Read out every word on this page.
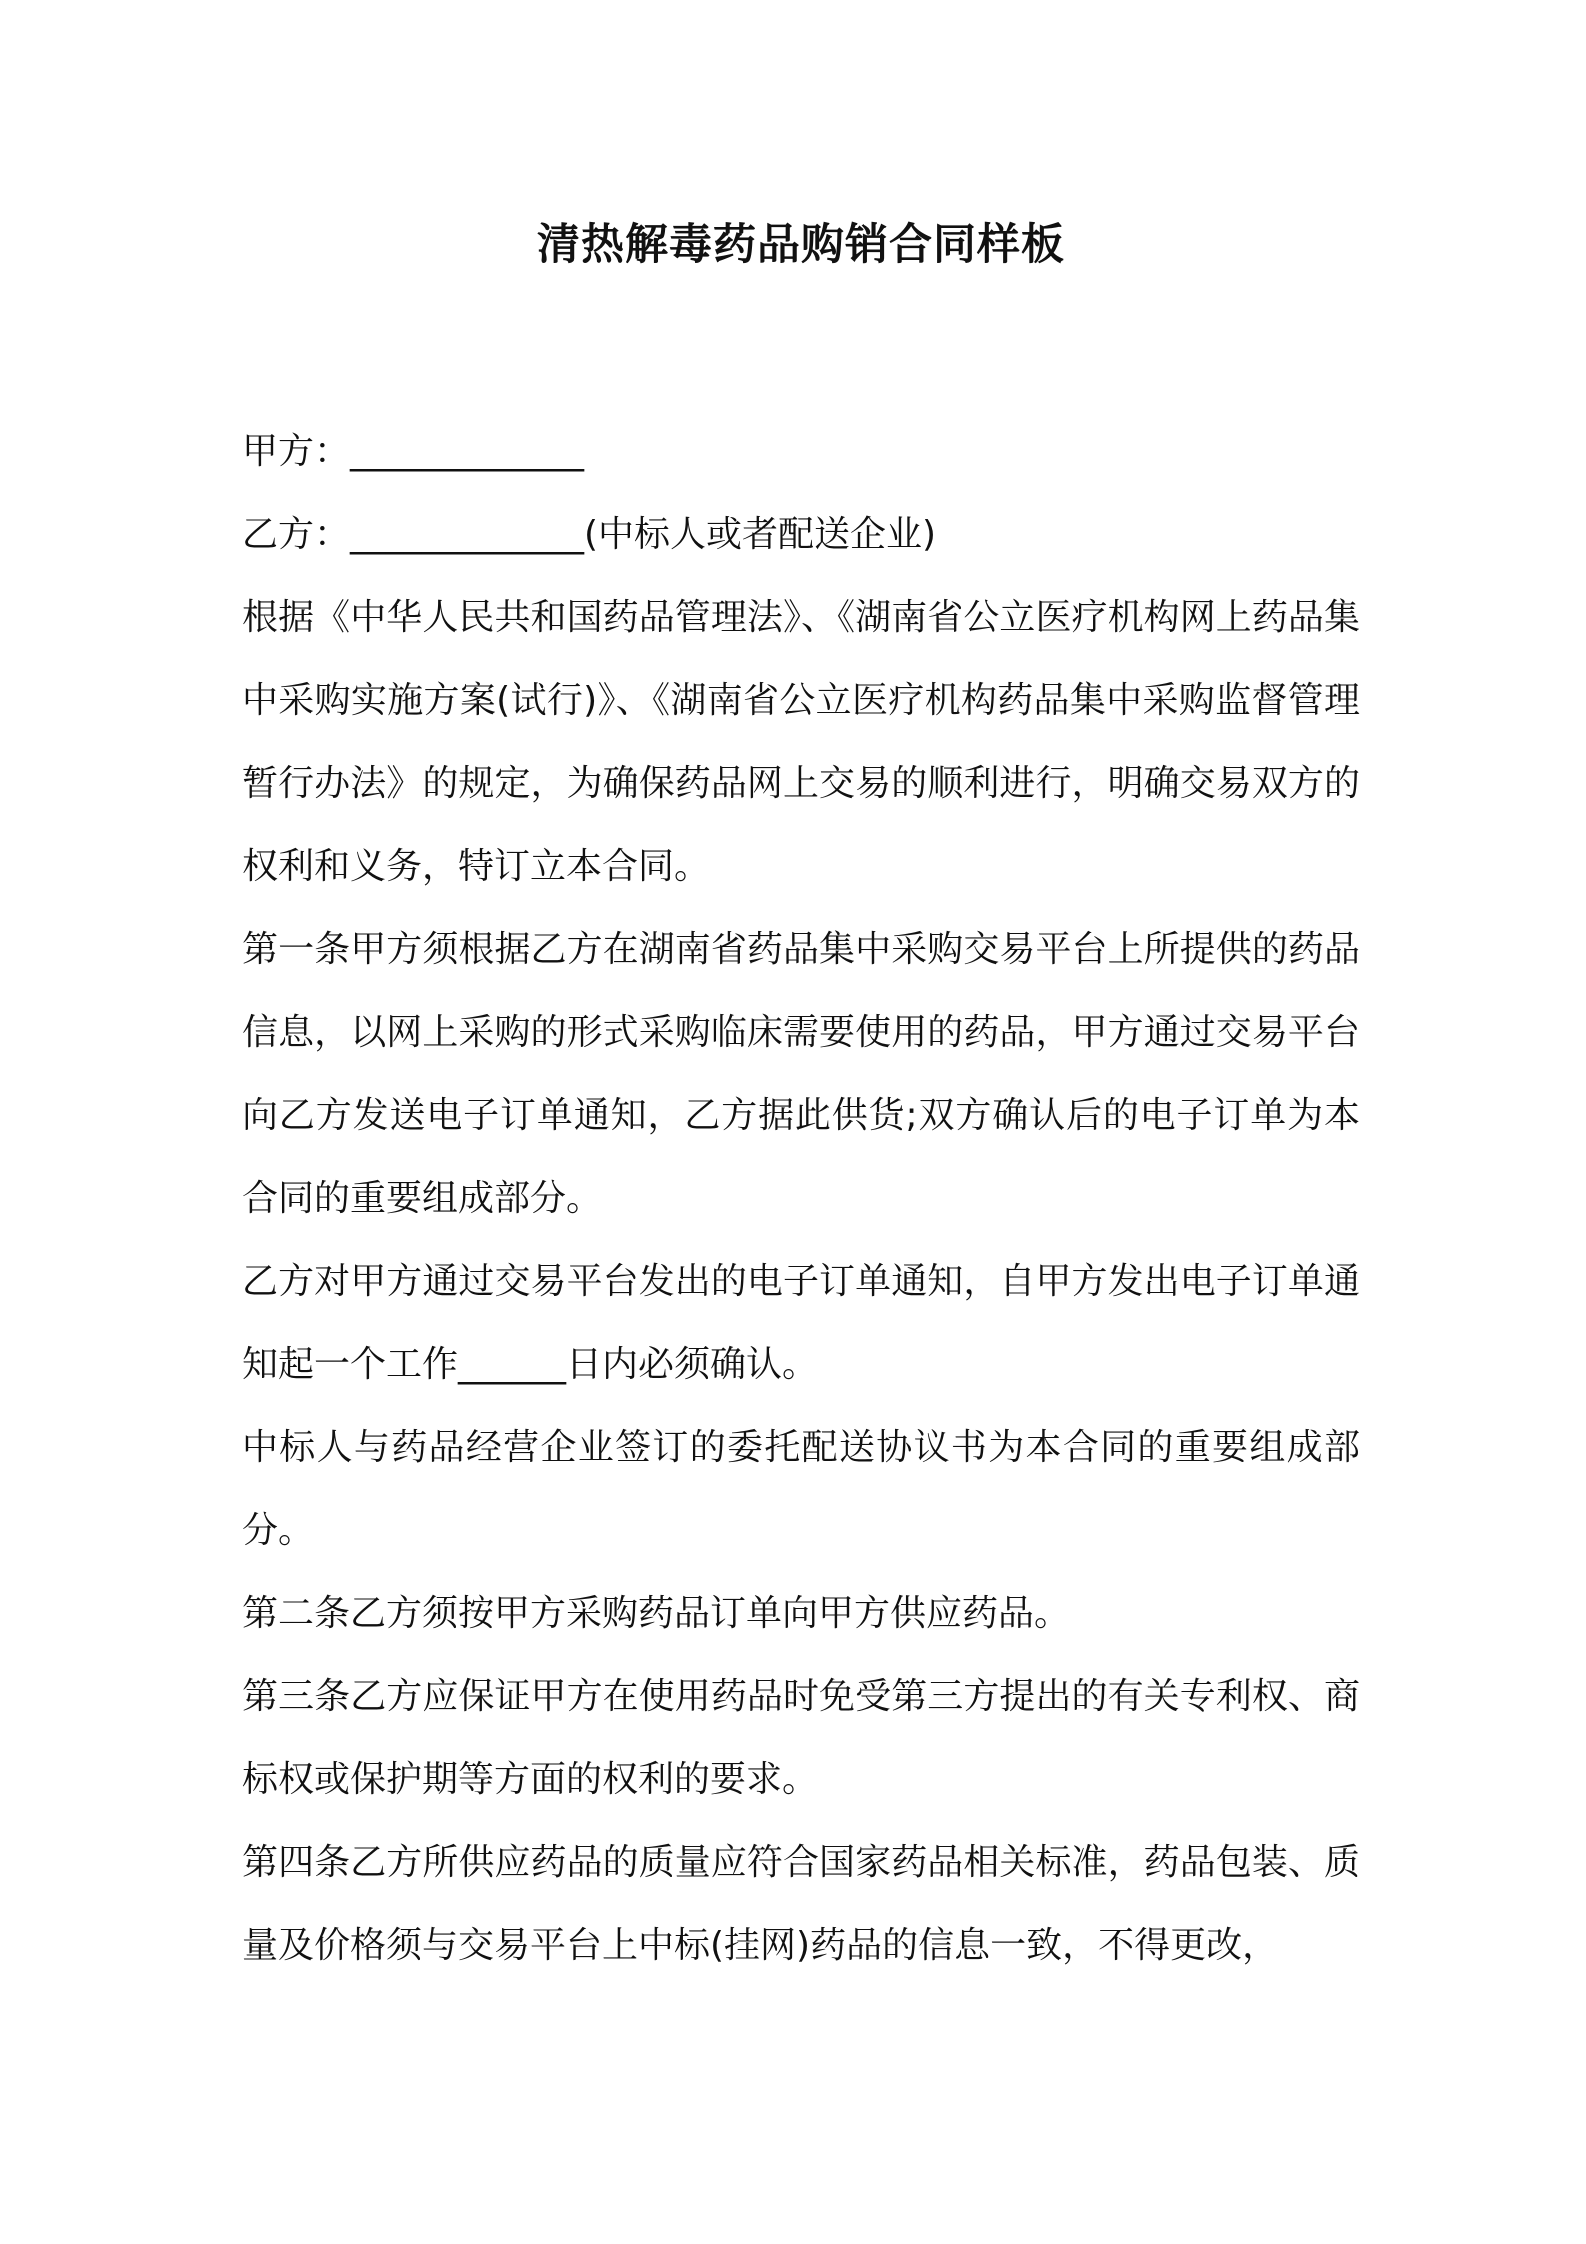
清热解毒药品购销合同样板

甲方：_____________

乙方：_____________(中标人或者配送企业)

根据《中华人民共和国药品管理法》、《湖南省公立医疗机构网上药品集中采购实施方案(试行)》、《湖南省公立医疗机构药品集中采购监督管理暂行办法》的规定，为确保药品网上交易的顺利进行，明确交易双方的权利和义务，特订立本合同。

第一条甲方须根据乙方在湖南省药品集中采购交易平台上所提供的药品信息，以网上采购的形式采购临床需要使用的药品，甲方通过交易平台向乙方发送电子订单通知，乙方据此供货;双方确认后的电子订单为本合同的重要组成部分。

乙方对甲方通过交易平台发出的电子订单通知，自甲方发出电子订单通知起一个工作______日内必须确认。

中标人与药品经营企业签订的委托配送协议书为本合同的重要组成部分。

第二条乙方须按甲方采购药品订单向甲方供应药品。

第三条乙方应保证甲方在使用药品时免受第三方提出的有关专利权、商标权或保护期等方面的权利的要求。

第四条乙方所供应药品的质量应符合国家药品相关标准，药品包装、质量及价格须与交易平台上中标(挂网)药品的信息一致，不得更改，
